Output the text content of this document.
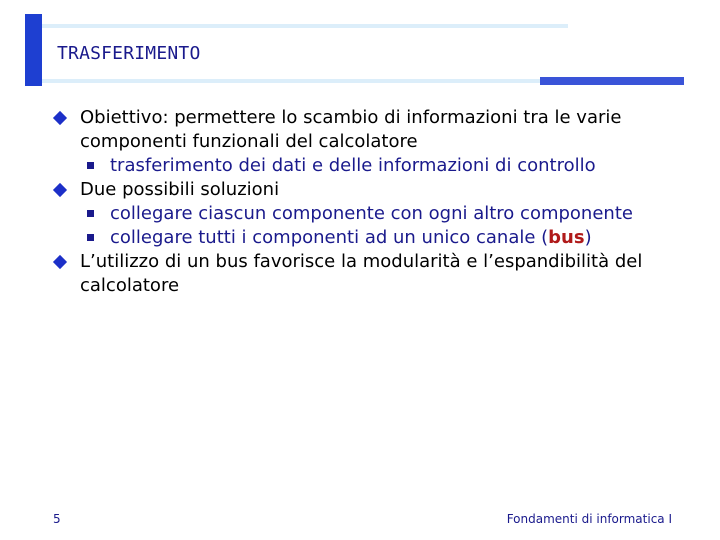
TRASFERIMENTO
Obiettivo: permettere lo scambio di informazioni tra le varie componenti funzionali del calcolatore
trasferimento dei dati e delle informazioni di controllo
Due possibili soluzioni
collegare ciascun componente con ogni altro componente
collegare tutti i componenti ad un unico canale (bus)
L’utilizzo di un bus favorisce la modularità e l’espandibilità del calcolatore
5	Fondamenti di informatica I
